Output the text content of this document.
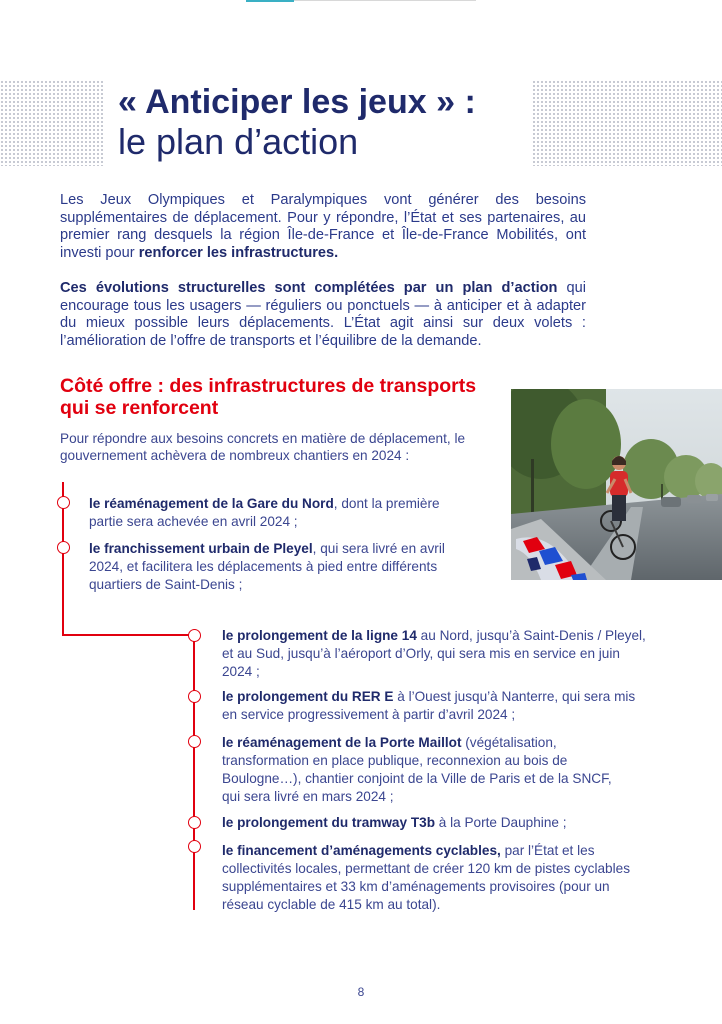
« Anticiper les jeux » :
le plan d’action

Les Jeux Olympiques et Paralympiques vont générer des besoins supplémentaires de déplacement. Pour y répondre, l’État et ses partenaires, au premier rang desquels la région Île-de-France et Île-de-France Mobilités, ont investi pour renforcer les infrastructures.

Ces évolutions structurelles sont complétées par un plan d’action qui encourage tous les usagers — réguliers ou ponctuels — à anticiper et à adapter du mieux possible leurs déplacements. L’État agit ainsi sur deux volets : l’amélioration de l’offre de transports et l’équilibre de la demande.

Côté offre : des infrastructures de transports qui se renforcent

Pour répondre aux besoins concrets en matière de déplacement, le gouvernement achèvera de nombreux chantiers en 2024 :

le réaménagement de la Gare du Nord, dont la première partie sera achevée en avril 2024 ;

le franchissement urbain de Pleyel, qui sera livré en avril 2024, et facilitera les déplacements à pied entre différents quartiers de Saint-Denis ;

le prolongement de la ligne 14 au Nord, jusqu’à Saint-Denis / Pleyel, et au Sud, jusqu’à l’aéroport d’Orly, qui sera mis en service en juin 2024 ;

le prolongement du RER E à l’Ouest jusqu’à Nanterre, qui sera mis en service progressivement à partir d’avril 2024 ;

le réaménagement de la Porte Maillot (végétalisation, transformation en place publique, reconnexion au bois de Boulogne…), chantier conjoint de la Ville de Paris et de la SNCF, qui sera livré en mars 2024 ;

le prolongement du tramway T3b à la Porte Dauphine ;

le financement d’aménagements cyclables, par l’État et les collectivités locales, permettant de créer 120 km de pistes cyclables supplémentaires et 33 km d’aménagements provisoires (pour un réseau cyclable de 415 km au total).

8
